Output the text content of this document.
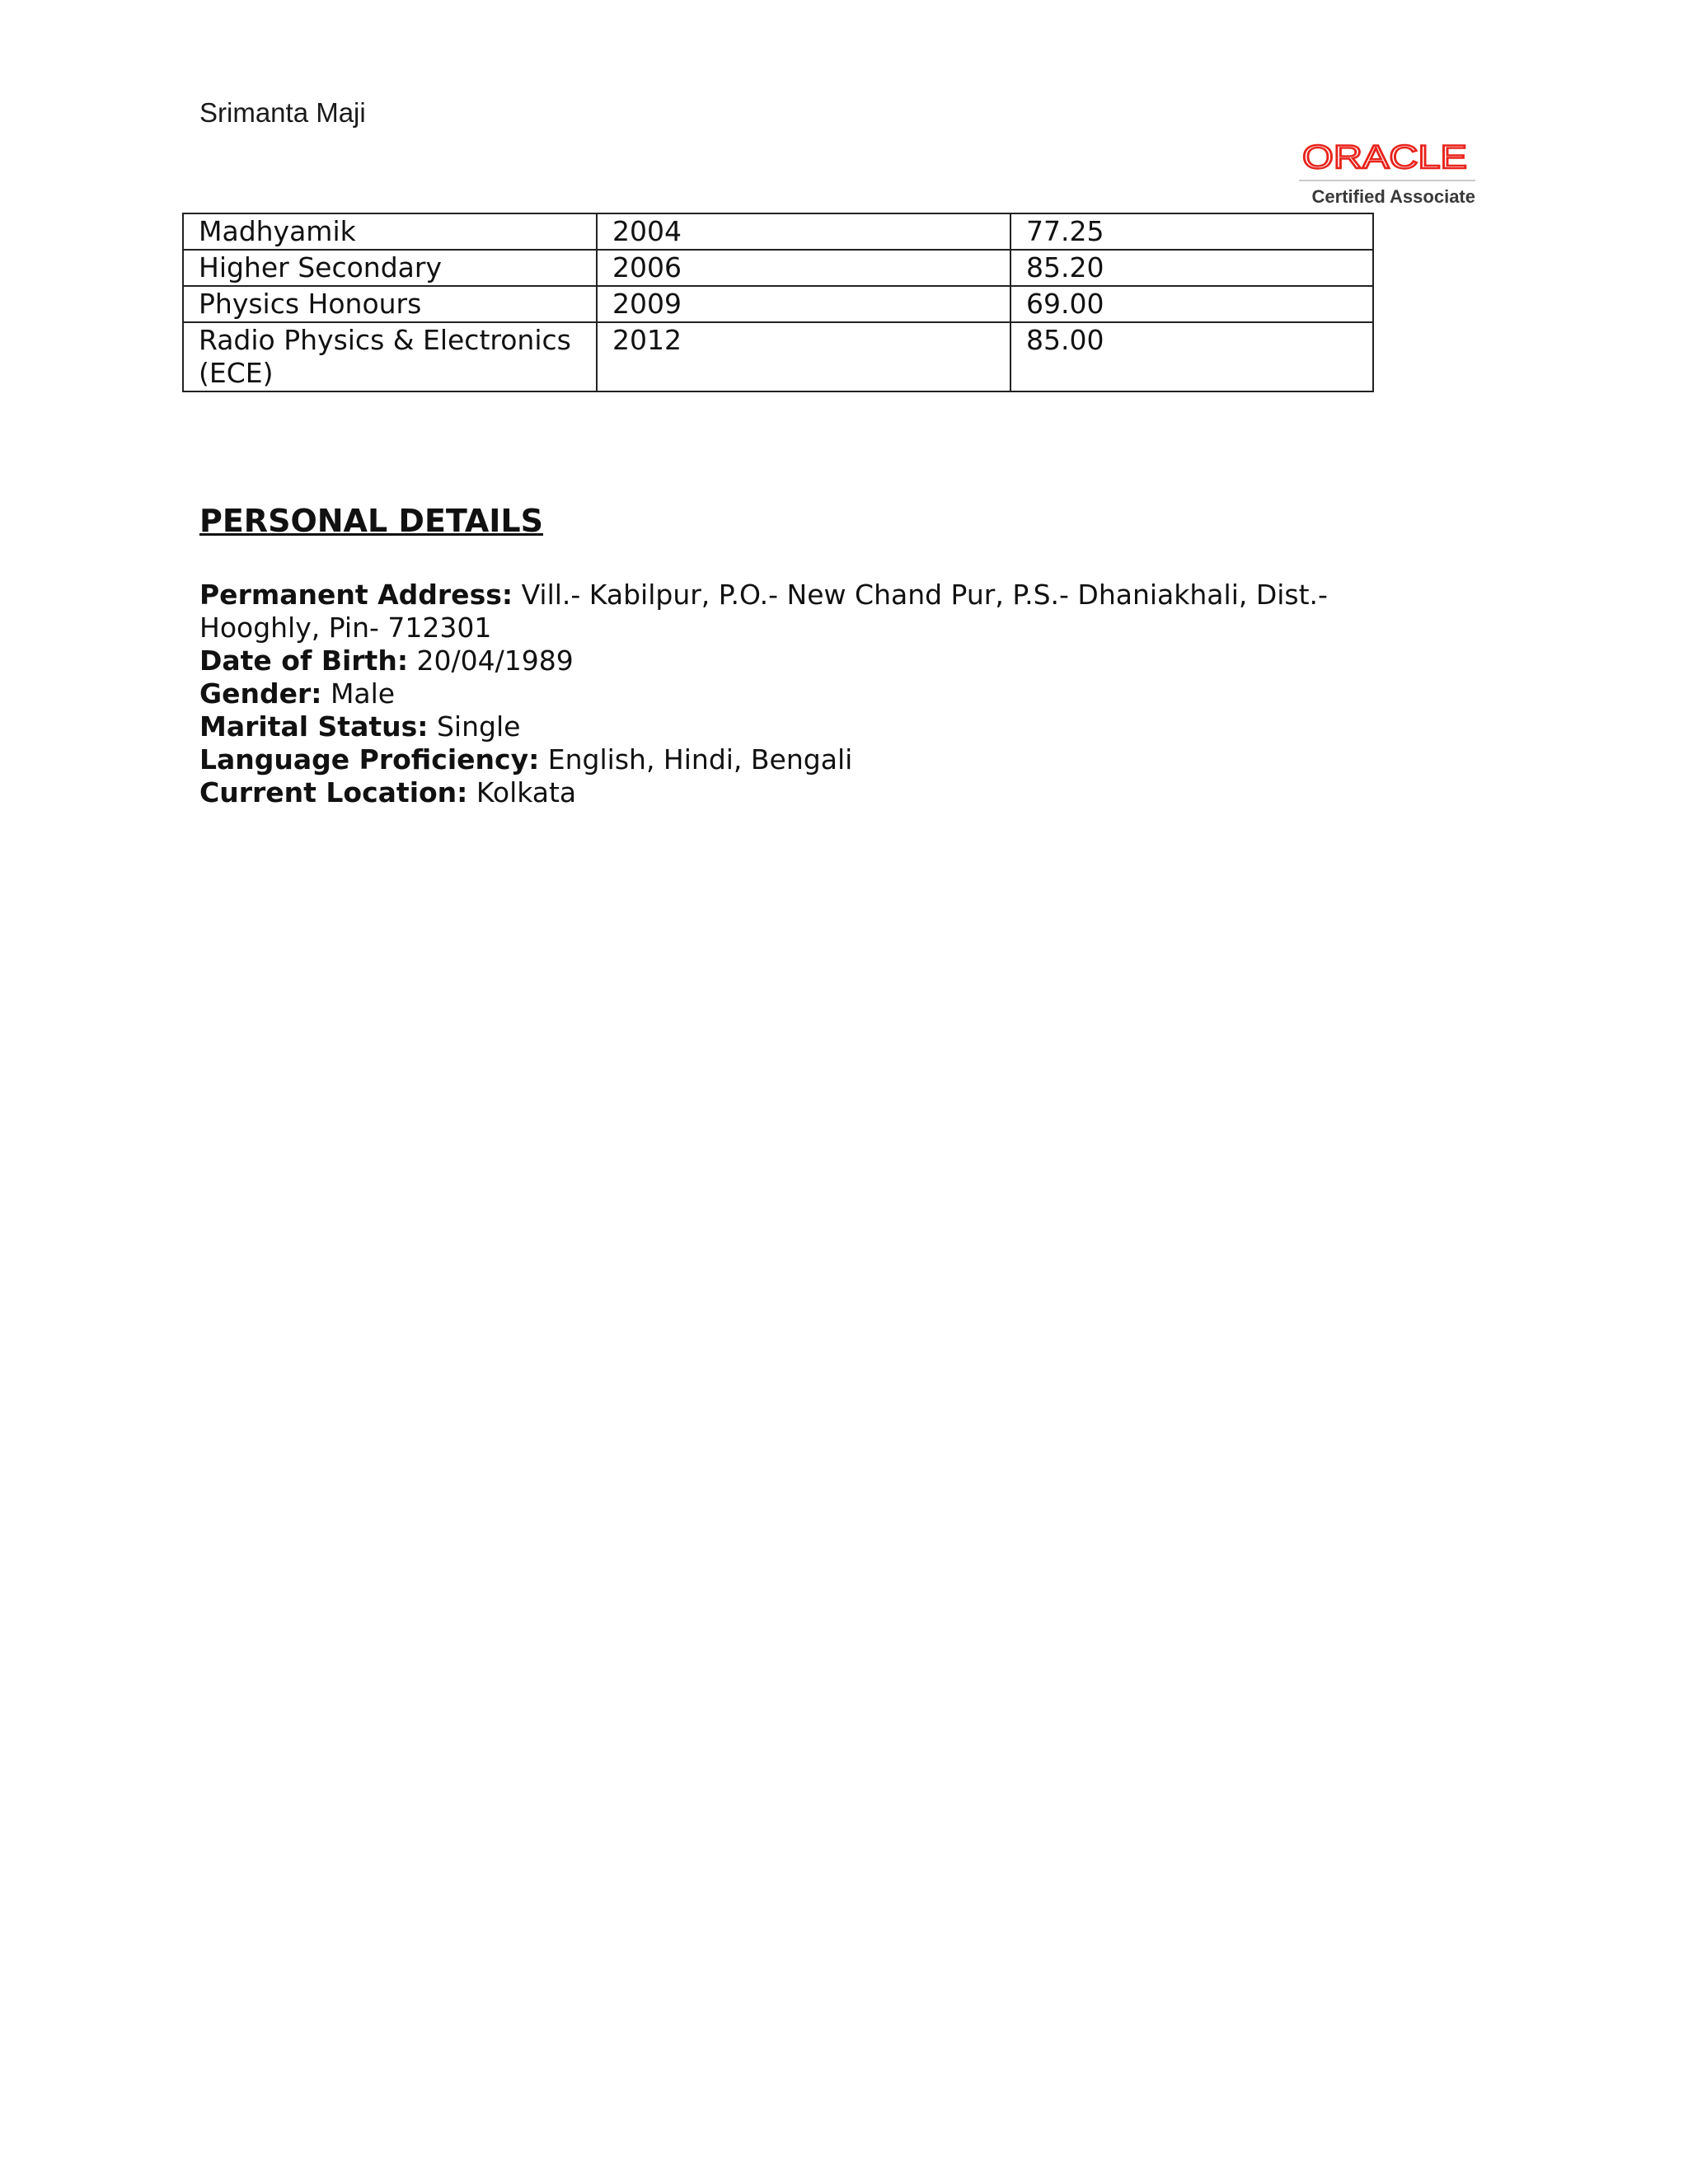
Srimanta Maji
ORACLE
Certified Associate
Madhyamik	2004	77.25
Higher Secondary	2006	85.20
Physics Honours	2009	69.00
Radio Physics & Electronics (ECE)	2012	85.00
PERSONAL DETAILS
Permanent Address: Vill.- Kabilpur, P.O.- New Chand Pur, P.S.- Dhaniakhali, Dist.- Hooghly, Pin- 712301
Date of Birth: 20/04/1989
Gender: Male
Marital Status: Single
Language Proficiency: English, Hindi, Bengali
Current Location: Kolkata
